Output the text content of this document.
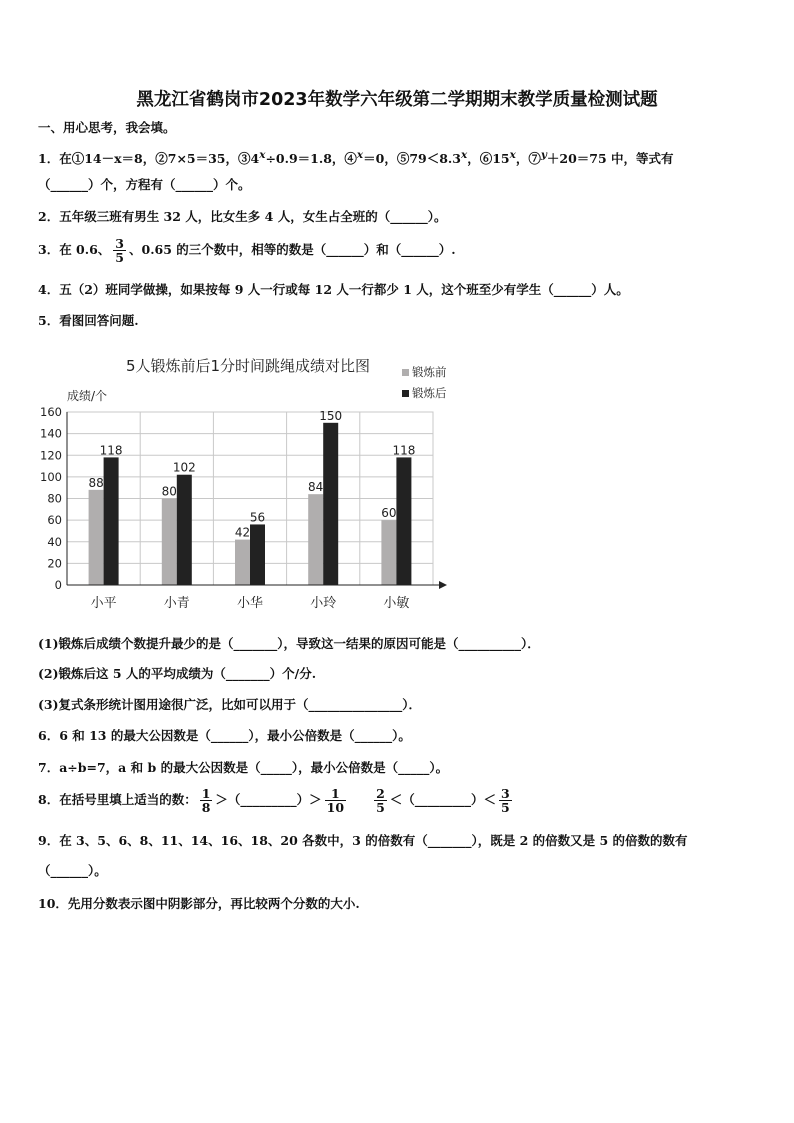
黑龙江省鹤岗市2023年数学六年级第二学期期末教学质量检测试题
一、用心思考，我会填。
1．在①14－x＝8，②7×5＝35，$③4^x\div 0.9=1.8$，④$^x$＝0，$⑤79<8.3^x$，⑥15$^x$，⑦$^y$＋20＝75 中，等式有
（______）个，方程有（______）个。
2．五年级三班有男生 32 人，比女生多 4 人，女生占全班的（______）。
3．在 0.6、 $\frac{3}{5}$ 、0.65 的三个数中，相等的数是（______）和（______）.
4．五（2）班同学做操，如果按每 9 人一行或每 12 人一行都少 1 人，这个班至少有学生（______）人。
5．看图回答问题.
5人锻炼前后1分时间跳绳成绩对比图
成绩/个
锻炼前
锻炼后
0
20
40
60
80
100
120
140
160
88
118
小平
80
102
小青
42
56
小华
84
150
小玲
60
118
小敏
(1)锻炼后成绩个数提升最少的是（_______），导致这一结果的原因可能是（__________）．
(2)锻炼后这 5 人的平均成绩为（_______）个/分.
(3)复式条形统计图用途很广泛，比如可以用于（_______________）．
6．6 和 13 的最大公因数是（______），最小公倍数是（______）。
7．a÷b=7，a 和 b 的最大公因数是（_____），最小公倍数是（_____）。
8．在括号里填上适当的数： $\frac{1}{8}$ ＞（_________）＞ $\frac{1}{10} \frac{2}{5}$ ＜（_________）＜ $\frac{3}{5}$
9．在 3、5、6、8、11、14、16、18、20 各数中，3 的倍数有（_______），既是 2 的倍数又是 5 的倍数的数有
（______）。
10．先用分数表示图中阴影部分，再比较两个分数的大小.
